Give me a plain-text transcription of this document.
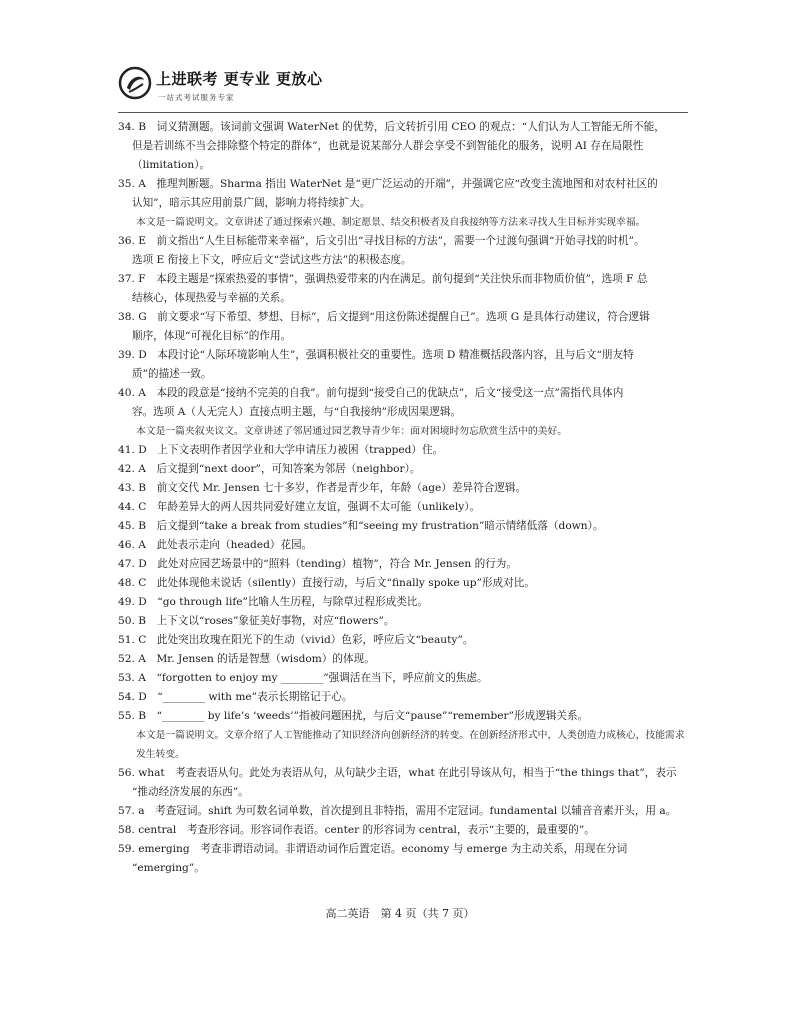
上进联考 更专业 更放心
一站式考试服务专家
34. B　词义猜测题。该词前文强调 WaterNet 的优势，后文转折引用 CEO 的观点：“人们认为人工智能无所不能，
但是若训练不当会排除整个特定的群体”，也就是说某部分人群会享受不到智能化的服务，说明 AI 存在局限性（limitation）。
35. A　推理判断题。Sharma 指出 WaterNet 是“更广泛运动的开端”，并强调它应“改变主流地图和对农村社区的
认知”，暗示其应用前景广阔，影响力将持续扩大。
本文是一篇说明文。文章讲述了通过探索兴趣、制定愿景、结交积极者及自我接纳等方法来寻找人生目标并实现幸福。
36. E　前文指出“人生目标能带来幸福”，后文引出“寻找目标的方法”，需要一个过渡句强调“开始寻找的时机”。
选项 E 衔接上下文，呼应后文“尝试这些方法”的积极态度。
37. F　本段主题是“探索热爱的事情”，强调热爱带来的内在满足。前句提到“关注快乐而非物质价值”，选项 F 总
结核心，体现热爱与幸福的关系。
38. G　前文要求“写下希望、梦想、目标”，后文提到“用这份陈述提醒自己”。选项 G 是具体行动建议，符合逻辑
顺序，体现“可视化目标”的作用。
39. D　本段讨论“人际环境影响人生”，强调积极社交的重要性。选项 D 精准概括段落内容，且与后文“朋友特
质”的描述一致。
40. A　本段的段意是“接纳不完美的自我”。前句提到“接受自己的优缺点”，后文“接受这一点”需指代具体内
容。选项 A（人无完人）直接点明主题，与“自我接纳”形成因果逻辑。
本文是一篇夹叙夹议文。文章讲述了邻居通过园艺教导青少年：面对困境时勿忘欣赏生活中的美好。
41. D　上下文表明作者因学业和大学申请压力被困（trapped）住。
42. A　后文提到“next door”，可知答案为邻居（neighbor）。
43. B　前文交代 Mr. Jensen 七十多岁，作者是青少年，年龄（age）差异符合逻辑。
44. C　年龄差异大的两人因共同爱好建立友谊，强调不太可能（unlikely）。
45. B　后文提到“take a break from studies”和“seeing my frustration”暗示情绪低落（down）。
46. A　此处表示走向（headed）花园。
47. D　此处对应园艺场景中的“照料（tending）植物”，符合 Mr. Jensen 的行为。
48. C　此处体现他未说话（silently）直接行动，与后文“finally spoke up”形成对比。
49. D　“go through life”比喻人生历程，与除草过程形成类比。
50. B　上下文以“roses”象征美好事物，对应“flowers”。
51. C　此处突出玫瑰在阳光下的生动（vivid）色彩，呼应后文“beauty”。
52. A　Mr. Jensen 的话是智慧（wisdom）的体现。
53. A　“forgotten to enjoy my ________”强调活在当下，呼应前文的焦虑。
54. D　“________ with me”表示长期铭记于心。
55. B　“________ by life’s ‘weeds’”指被问题困扰，与后文“pause”“remember”形成逻辑关系。
本文是一篇说明文。文章介绍了人工智能推动了知识经济向创新经济的转变。在创新经济形式中，人类创造力成核心，技能需求发生转变。
56. what　考查表语从句。此处为表语从句，从句缺少主语，what 在此引导该从句，相当于“the things that”，表示
“推动经济发展的东西”。
57. a　考查冠词。shift 为可数名词单数，首次提到且非特指，需用不定冠词。fundamental 以辅音音素开头，用 a。
58. central　考查形容词。形容词作表语。center 的形容词为 central，表示“主要的，最重要的”。
59. emerging　考查非谓语动词。非谓语动词作后置定语。economy 与 emerge 为主动关系，用现在分词
“emerging”。
高二英语　第 4 页（共 7 页）
